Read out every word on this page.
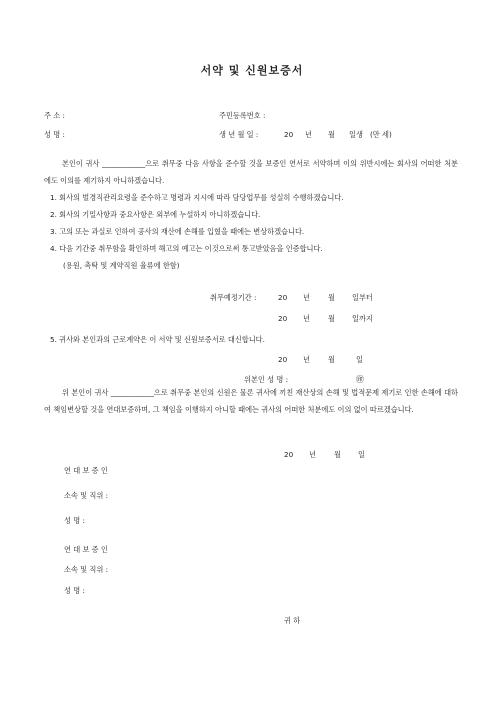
서약 및 신원보증서
주 소 :	주민등록번호 :
성 명 :	생 년 월 일 :	20 년 월 일생 (만 세)
본인이 귀사 ____________으로 취무중 다음 사항을 준수할 것을 보증인 연서로 서약하며 이의 위반시에는 회사의 어떠한 처분에도 이의를 제기하지 아니하겠습니다.
1. 회사의 벌경직관리요령을 준수하고 명령과 지시에 따라 담당업무를 성실히 수행하겠습니다.
2. 회사의 기밀사항과 중요사항은 외부에 누설하지 아니하겠습니다.
3. 고의 또는 과실로 인하여 공사의 재산에 손해를 입혔을 때에는 변상하겠습니다.
4. 다음 기간중 취무함을 확인하며 해고의 예고는 이것으로써 통고받았음을 인증합니다.
(용원, 촉탁 및 계약직원 율류에 한함)
취무예정기간 :	20 년	월 일부터
20 년	월 일까지
5. 귀사와 본인과의 근로계약은 이 서약 및 신원보증서로 대신합니다.
20 년	월	일
위본인 성 명 :	㊞
위 본인이 귀사 ____________으로 취무중 본인의 신원은 물론 귀사에 끼친 재산상의 손해 및 법적문제 제기로 인한 손해에 대하여 책임변상할 것을 연대보증하며, 그 책임을 이행하지 아니할 때에는 귀사의 어떠한 처분에도 이의 없이 따르겠습니다.
20 년	월 일
연 대 보 증 인
소속 및 직위 :
성 명 :
연 대 보 증 인
소속 및 직위 :
성 명 :
귀 하
